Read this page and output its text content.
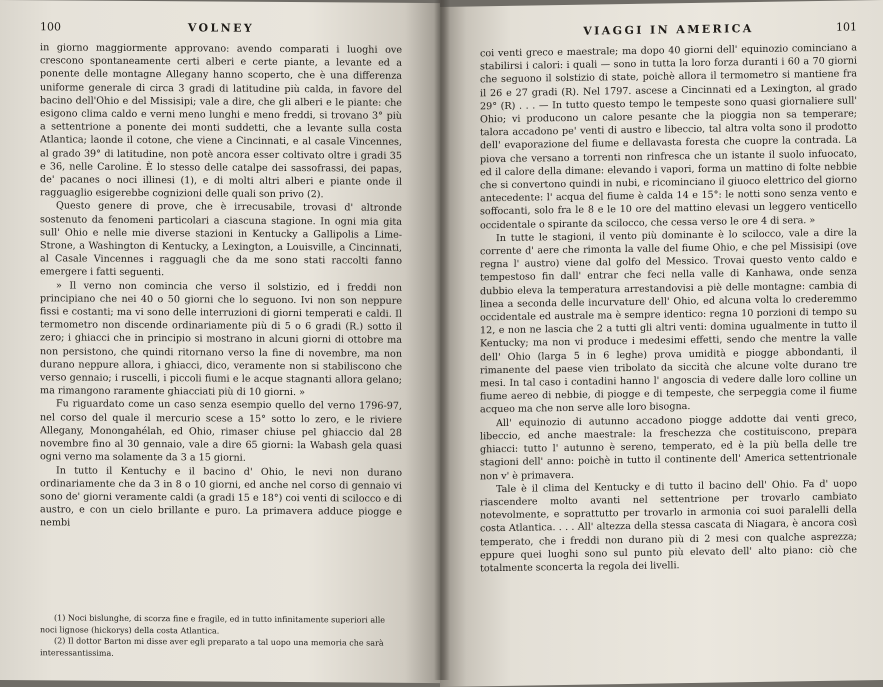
100	VOLNEY

in giorno maggiormente approvano: avendo comparati i luoghi ove crescono spontaneamente certi alberi e certe piante, a levante ed a ponente delle montagne Allegany hanno scoperto, che è una differenza uniforme generale di circa 3 gradi di latitudine più calda, in favore del bacino dell'Ohio e del Missisipi; vale a dire, che gli alberi e le piante: che esigono clima caldo e verni meno lunghi e meno freddi, si trovano 3° più a settentrione a ponente dei monti suddetti, che a levante sulla costa Atlantica; laonde il cotone, che viene a Cincinnati, e al casale Vincennes, al grado 39° di latitudine, non potè ancora esser coltivato oltre i gradi 35 e 36, nelle Caroline. È lo stesso delle catalpe dei sassofrassi, dei papas, de' pacanes o noci illinesi (1), e di molti altri alberi e piante onde il ragguaglio esigerebbe cognizioni delle quali son privo (2).

Questo genere di prove, che è irrecusabile, trovasi d' altronde sostenuto da fenomeni particolari a ciascuna stagione. In ogni mia gita sull' Ohio e nelle mie diverse stazioni in Kentucky a Gallipolis a Lime-Strone, a Washington di Kentucky, a Lexington, a Louisville, a Cincinnati, al Casale Vincennes i ragguagli che da me sono stati raccolti fanno emergere i fatti seguenti.

» Il verno non comincia che verso il solstizio, ed i freddi non principiano che nei 40 o 50 giorni che lo seguono. Ivi non son neppure fissi e costanti; ma vi sono delle interruzioni di giorni temperati e caldi. Il termometro non discende ordinariamente più di 5 o 6 gradi (R.) sotto il zero; i ghiacci che in principio si mostrano in alcuni giorni di ottobre ma non persistono, che quindi ritornano verso la fine di novembre, ma non durano neppure allora, i ghiacci, dico, veramente non si stabiliscono che verso gennaio; i ruscelli, i piccoli fiumi e le acque stagnanti allora gelano; ma rimangono raramente ghiacciati più di 10 giorni. »

Fu riguardato come un caso senza esempio quello del verno 1796-97, nel corso del quale il mercurio scese a 15° sotto lo zero, e le riviere Allegany, Monongahélah, ed Ohio, rimaser chiuse pel ghiaccio dal 28 novembre fino al 30 gennaio, vale a dire 65 giorni: la Wabash gela quasi ogni verno ma solamente da 3 a 15 giorni.

In tutto il Kentuchy e il bacino d' Ohio, le nevi non durano ordinariamente che da 3 in 8 o 10 giorni, ed anche nel corso di gennaio vi sono de' giorni veramente caldi (a gradi 15 e 18°) coi venti di scilocco e di austro, e con un cielo brillante e puro. La primavera adduce piogge e nembi

(1) Noci bislunghe, di scorza fine e fragile, ed in tutto infinitamente superiori alle noci lignose (hickorys) della costa Atlantica.

(2) Il dottor Barton mi disse aver egli preparato a tal uopo una memoria che sarà interessantissima.

VIAGGI IN AMERICA	101

coi venti greco e maestrale; ma dopo 40 giorni dell' equinozio cominciano a stabilirsi i calori: i quali — sono in tutta la loro forza duranti i 60 a 70 giorni che seguono il solstizio di state, poichè allora il termometro si mantiene fra il 26 e 27 gradi (R). Nel 1797. ascese a Cincinnati ed a Lexington, al grado 29° (R) . . . — In tutto questo tempo le tempeste sono quasi giornaliere sull' Ohio; vi producono un calore pesante che la pioggia non sa temperare; talora accadono pe' venti di austro e libeccio, tal altra volta sono il prodotto dell' evaporazione del fiume e dellavasta foresta che cuopre la contrada. La piova che versano a torrenti non rinfresca che un istante il suolo infuocato, ed il calore della dimane: elevando i vapori, forma un mattino di folte nebbie che si convertono quindi in nubi, e ricominciano il giuoco elettrico del giorno antecedente: l' acqua del fiume è calda 14 e 15°: le notti sono senza vento e soffocanti, solo fra le 8 e le 10 ore del mattino elevasi un leggero venticello occidentale o spirante da scilocco, che cessa verso le ore 4 di sera. »

In tutte le stagioni, il vento più dominante è lo scilocco, vale a dire la corrente d' aere che rimonta la valle del fiume Ohio, e che pel Missisipi (ove regna l' austro) viene dal golfo del Messico. Trovai questo vento caldo e tempestoso fin dall' entrar che feci nella valle di Kanhawa, onde senza dubbio eleva la temperatura arrestandovisi a piè delle montagne: cambia di linea a seconda delle incurvature dell' Ohio, ed alcuna volta lo crederemmo occidentale ed australe ma è sempre identico: regna 10 porzioni di tempo su 12, e non ne lascia che 2 a tutti gli altri venti: domina ugualmente in tutto il Kentucky; ma non vi produce i medesimi effetti, sendo che mentre la valle dell' Ohio (larga 5 in 6 leghe) prova umidità e piogge abbondanti, il rimanente del paese vien tribolato da siccità che alcune volte durano tre mesi. In tal caso i contadini hanno l' angoscia di vedere dalle loro colline un fiume aereo di nebbie, di piogge e di tempeste, che serpeggia come il fiume acqueo ma che non serve alle loro bisogna.

All' equinozio di autunno accadono piogge addotte dai venti greco, libeccio, ed anche maestrale: la freschezza che costituiscono, prepara ghiacci: tutto l' autunno è sereno, temperato, ed è la più bella delle tre stagioni dell' anno: poichè in tutto il continente dell' America settentrionale non v' è primavera.

Tale è il clima del Kentucky e di tutto il bacino dell' Ohio. Fa d' uopo riascendere molto avanti nel settentrione per trovarlo cambiato notevolmente, e soprattutto per trovarlo in armonia coi suoi paralelli della costa Atlantica. . . . All' altezza della stessa cascata di Niagara, è ancora così temperato, che i freddi non durano più di 2 mesi con qualche asprezza; eppure quei luoghi sono sul punto più elevato dell' alto piano: ciò che totalmente sconcerta la regola dei livelli.
